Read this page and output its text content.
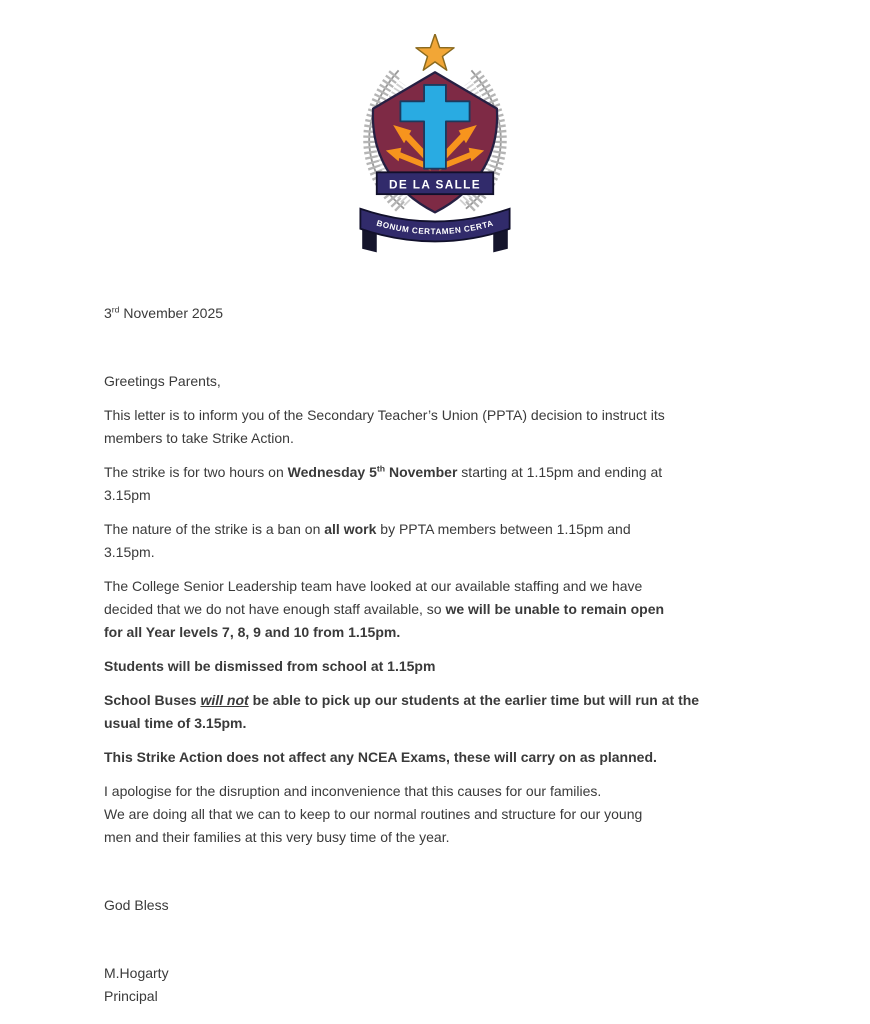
DE LA SALLE
BONUM CERTAMEN CERTA

3rd November 2025

Greetings Parents,

This letter is to inform you of the Secondary Teacher’s Union (PPTA) decision to instruct its
members to take Strike Action.

The strike is for two hours on Wednesday 5th November starting at 1.15pm and ending at
3.15pm

The nature of the strike is a ban on all work by PPTA members between 1.15pm and
3.15pm.

The College Senior Leadership team have looked at our available staffing and we have
decided that we do not have enough staff available, so we will be unable to remain open
for all Year levels 7, 8, 9 and 10 from 1.15pm.

Students will be dismissed from school at 1.15pm

School Buses will not be able to pick up our students at the earlier time but will run at the
usual time of 3.15pm.

This Strike Action does not affect any NCEA Exams, these will carry on as planned.

I apologise for the disruption and inconvenience that this causes for our families.
We are doing all that we can to keep to our normal routines and structure for our young
men and their families at this very busy time of the year.

God Bless

M.Hogarty
Principal
